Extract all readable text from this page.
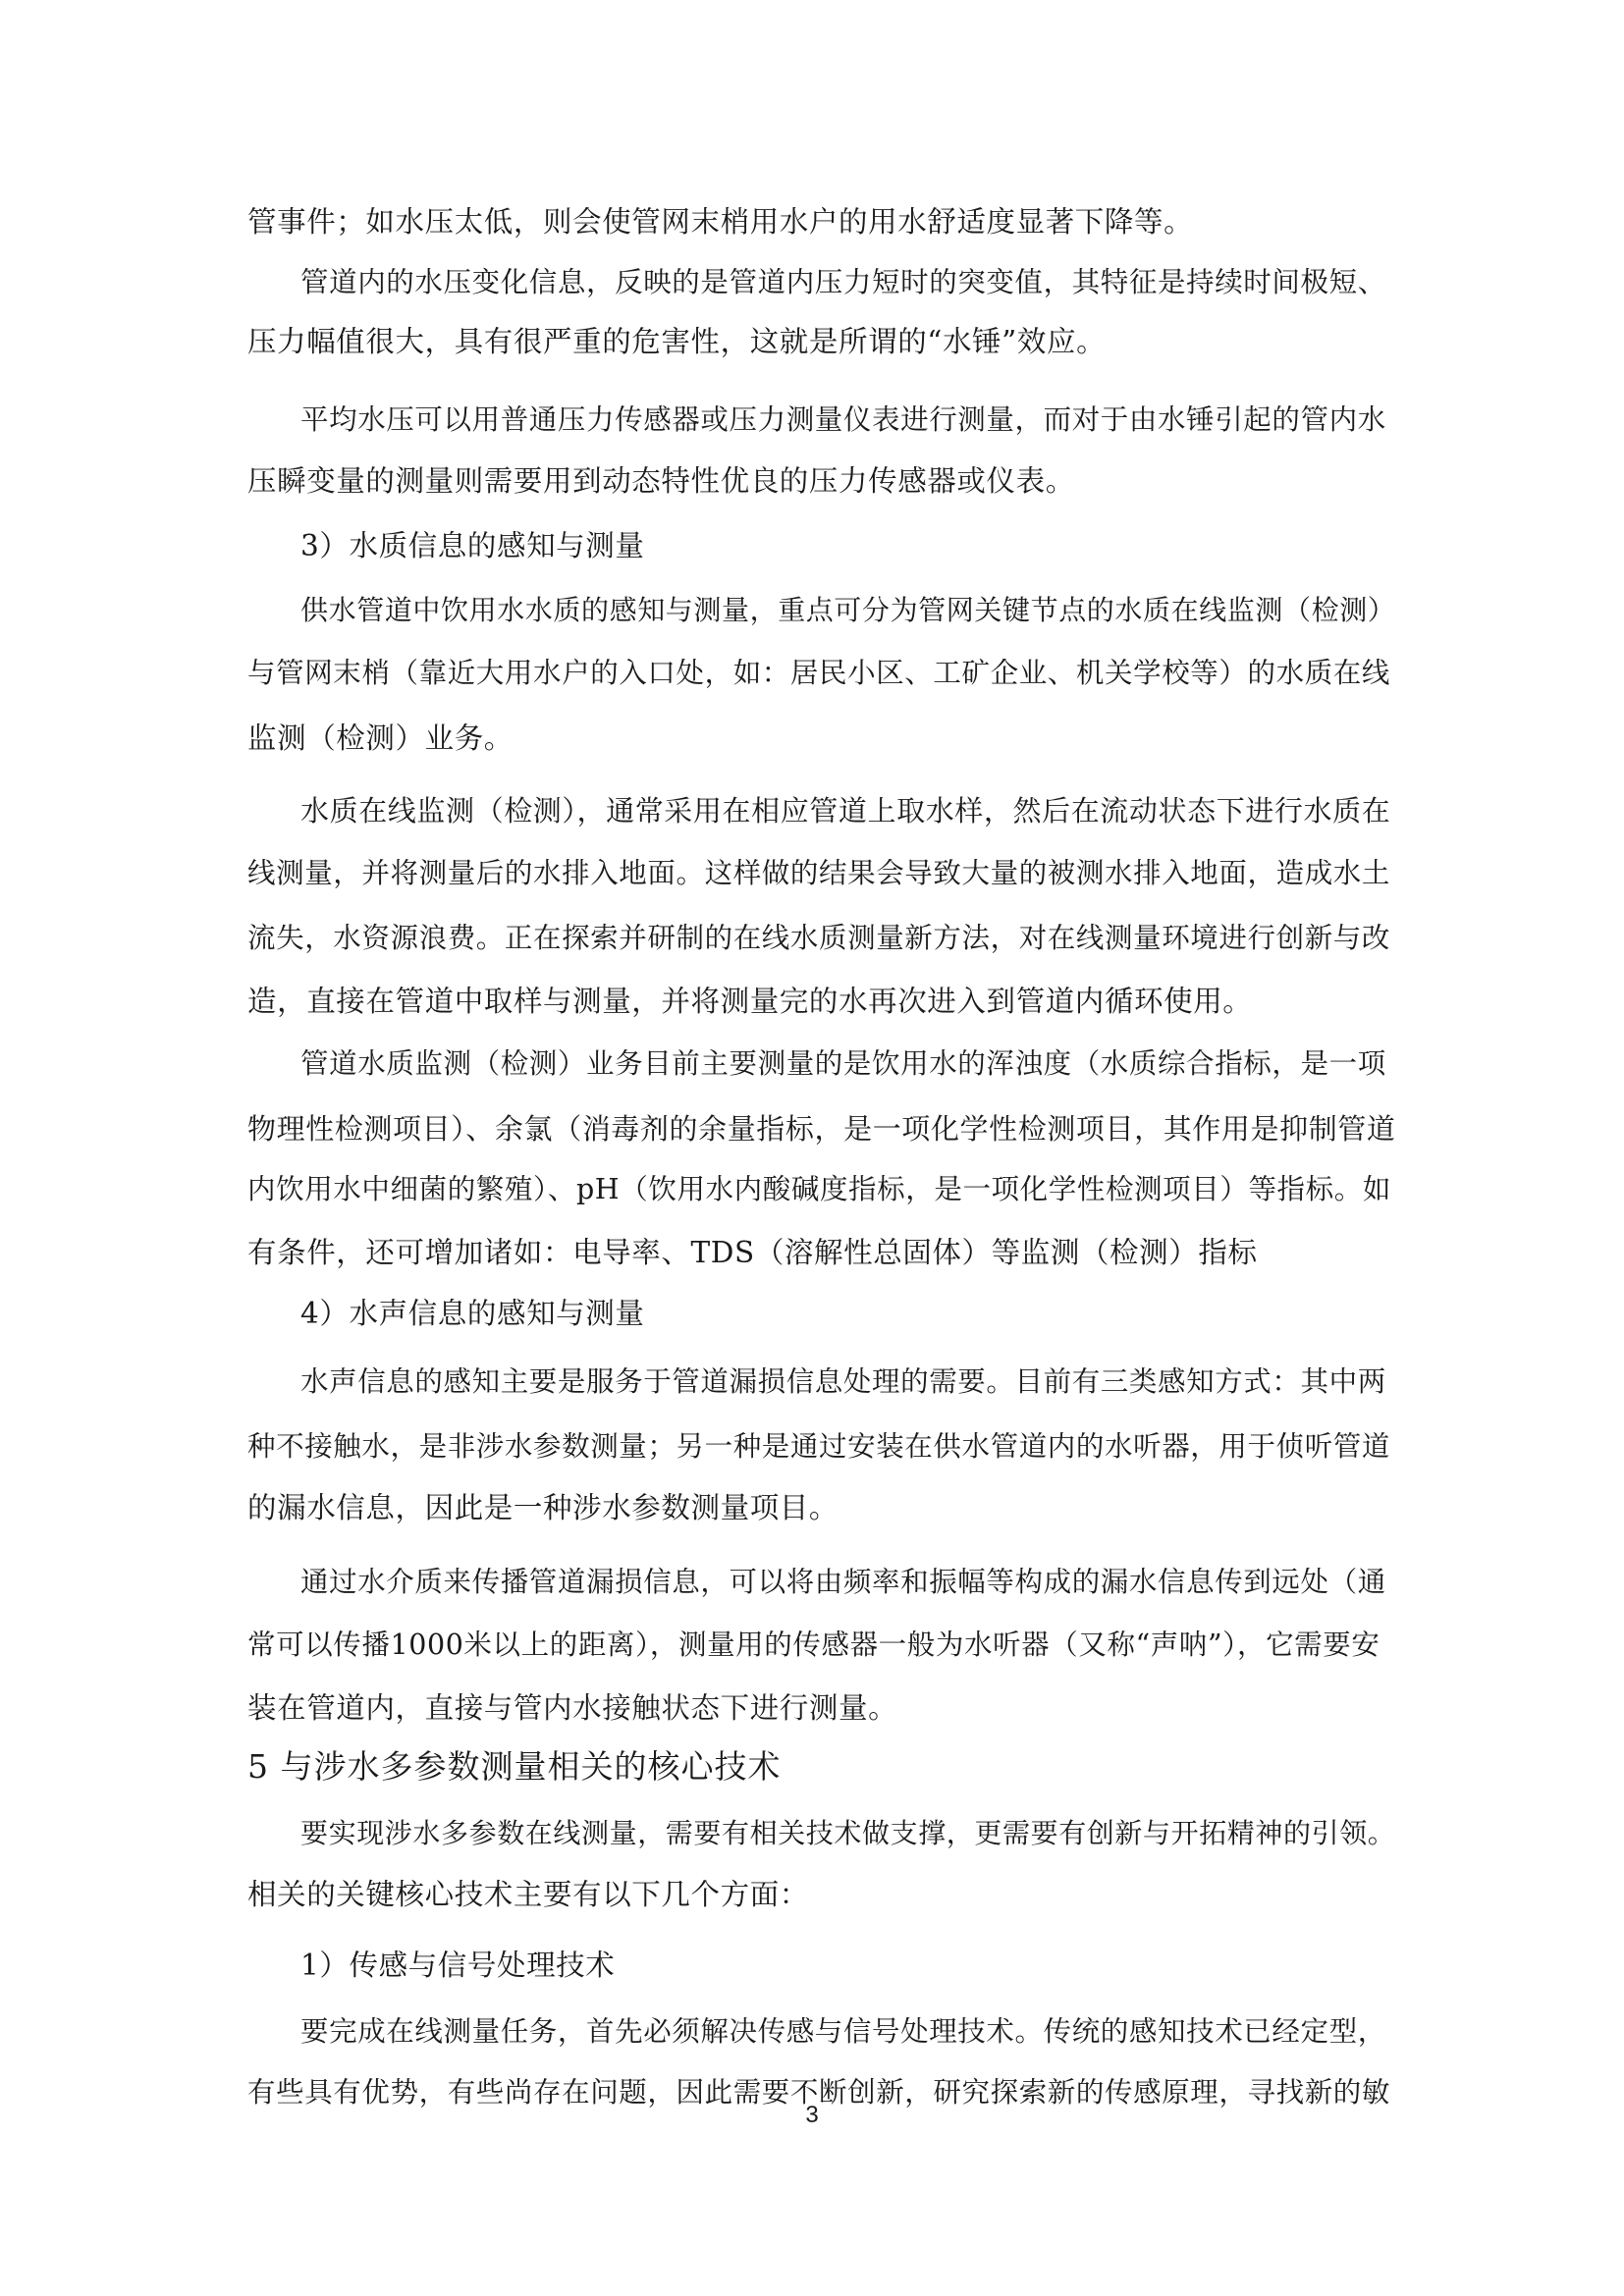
管事件；如水压太低，则会使管网末梢用水户的用水舒适度显著下降等。
管道内的水压变化信息，反映的是管道内压力短时的突变值，其特征是持续时间极短、
压力幅值很大，具有很严重的危害性，这就是所谓的“水锤”效应。
平均水压可以用普通压力传感器或压力测量仪表进行测量，而对于由水锤引起的管内水
压瞬变量的测量则需要用到动态特性优良的压力传感器或仪表。
3）水质信息的感知与测量
供水管道中饮用水水质的感知与测量，重点可分为管网关键节点的水质在线监测（检测）
与管网末梢（靠近大用水户的入口处，如：居民小区、工矿企业、机关学校等）的水质在线
监测（检测）业务。
水质在线监测（检测），通常采用在相应管道上取水样，然后在流动状态下进行水质在
线测量，并将测量后的水排入地面。这样做的结果会导致大量的被测水排入地面，造成水土
流失，水资源浪费。正在探索并研制的在线水质测量新方法，对在线测量环境进行创新与改
造，直接在管道中取样与测量，并将测量完的水再次进入到管道内循环使用。
管道水质监测（检测）业务目前主要测量的是饮用水的浑浊度（水质综合指标，是一项
物理性检测项目）、余氯（消毒剂的余量指标，是一项化学性检测项目，其作用是抑制管道
内饮用水中细菌的繁殖）、pH（饮用水内酸碱度指标，是一项化学性检测项目）等指标。如
有条件，还可增加诸如：电导率、TDS（溶解性总固体）等监测（检测）指标
4）水声信息的感知与测量
水声信息的感知主要是服务于管道漏损信息处理的需要。目前有三类感知方式：其中两
种不接触水，是非涉水参数测量；另一种是通过安装在供水管道内的水听器，用于侦听管道
的漏水信息，因此是一种涉水参数测量项目。
通过水介质来传播管道漏损信息，可以将由频率和振幅等构成的漏水信息传到远处（通
常可以传播1000米以上的距离），测量用的传感器一般为水听器（又称“声呐”），它需要安
装在管道内，直接与管内水接触状态下进行测量。
5 与涉水多参数测量相关的核心技术
要实现涉水多参数在线测量，需要有相关技术做支撑，更需要有创新与开拓精神的引领。
相关的关键核心技术主要有以下几个方面：
1）传感与信号处理技术
要完成在线测量任务，首先必须解决传感与信号处理技术。传统的感知技术已经定型，
有些具有优势，有些尚存在问题，因此需要不断创新，研究探索新的传感原理，寻找新的敏
3
